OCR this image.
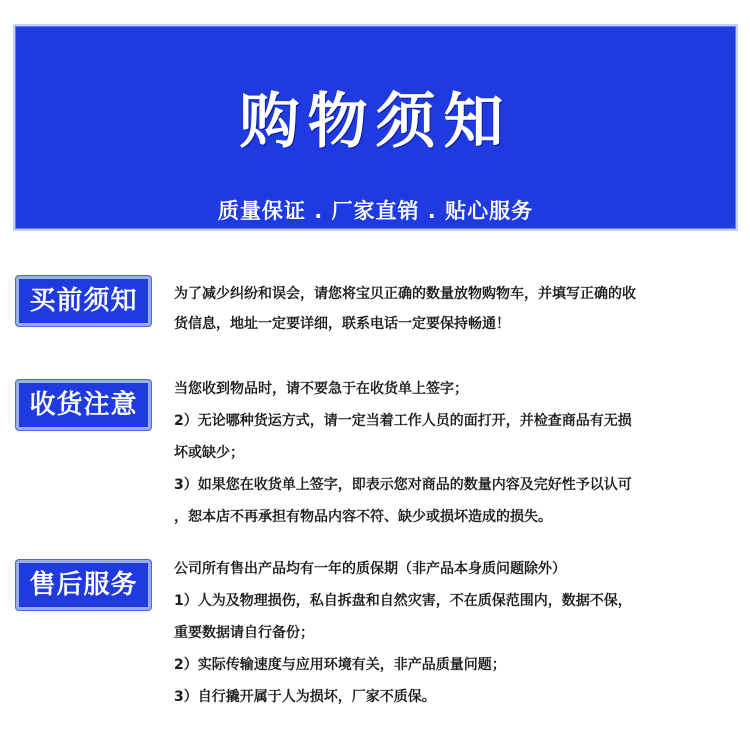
购物须知
质量保证 . 厂家直销 . 贴心服务
买前须知	为了减少纠纷和误会，请您将宝贝正确的数量放物购物车，并填写正确的收
货信息，地址一定要详细，联系电话一定要保持畅通！
收货注意
当您收到物品时，请不要急于在收货单上签字；
2）无论哪种货运方式，请一定当着工作人员的面打开，并检查商品有无损
坏或缺少；
3）如果您在收货单上签字，即表示您对商品的数量内容及完好性予以认可
，恕本店不再承担有物品内容不符、缺少或损坏造成的损失。
售后服务
公司所有售出产品均有一年的质保期（非产品本身质问题除外）
1）人为及物理损伤，私自拆盘和自然灾害，不在质保范围内，数据不保，
重要数据请自行备份；
2）实际传输速度与应用环境有关，非产品质量问题；
3）自行撬开属于人为损坏，厂家不质保。
